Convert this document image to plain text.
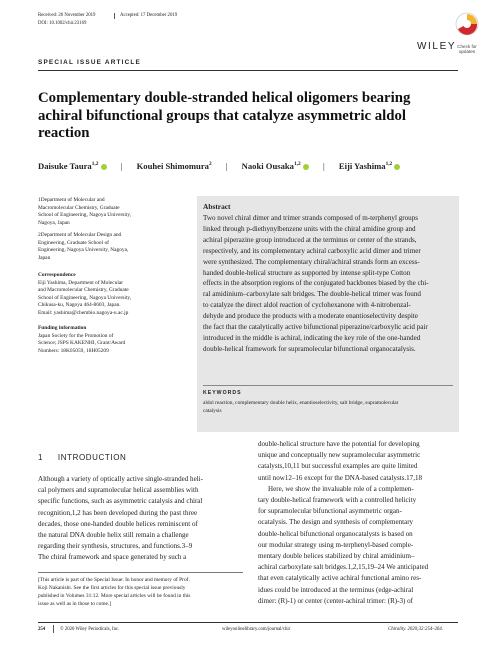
Received: 26 November 2019	Accepted: 17 December 2019
DOI: 10.1002/chir.23169
Check for updates
WILEY
SPECIAL ISSUE ARTICLE
Complementary double-stranded helical oligomers bearing
achiral bifunctional groups that catalyze asymmetric aldol
reaction
Daisuke Taura$^{1,2}$	| Kouhei Shimomura$^2$ | Naoki Ousaka$^{1,2}$	| Eiji Yashima$^{1,2}$
1Department of Molecular and
Macromolecular Chemistry, Graduate
School of Engineering, Nagoya University,
Nagoya, Japan
2Department of Molecular Design and
Engineering, Graduate School of
Engineering, Nagoya University, Nagoya,
Japan
Correspondence
Eiji Yashima, Department of Molecular
and Macromolecular Chemistry, Graduate
School of Engineering, Nagoya University,
Chikusa-ku, Nagoya 464-8603, Japan.
Email: yashima@chembio.nagoya-u.ac.jp
Funding information
Japan Society for the Promotion of
Science; JSPS KAKENHI, Grant/Award
Numbers: 18K05059, 18H05209
Abstract
Two novel chiral dimer and trimer strands composed of m-terphenyl groups
linked through p-diethynylbenzene units with the chiral amidine group and
achiral piperazine group introduced at the terminus or center of the strands,
respectively, and its complementary achiral carboxylic acid dimer and trimer
were synthesized. The complementary chiral/achiral strands form an excess-
handed double-helical structure as supported by intense split-type Cotton
effects in the absorption regions of the conjugated backbones biased by the chi-
ral amidinium–carboxylate salt bridges. The double-helical trimer was found
to catalyze the direct aldol reaction of cyclohexanone with 4-nitrobenzal-
dehyde and produce the products with a moderate enantioselectivity despite
the fact that the catalytically active bifunctional piperazine/carboxylic acid pair
introduced in the middle is achiral, indicating the key role of the one-handed
double-helical framework for supramolecular bifunctional organocatalysis.
KEYWORDS
aldol reaction, complementary double helix, enantioselectivity, salt bridge, supramolecular
catalysis
1 INTRODUCTION
Although a variety of optically active single-stranded heli-
cal polymers and supramolecular helical assemblies with
specific functions, such as asymmetric catalysis and chiral
recognition,1,2 has been developed during the past three
decades, those one-handed double helices reminiscent of
the natural DNA double helix still remain a challenge
regarding their synthesis, structures, and functions.3–9
The chiral framework and space generated by such a
[This article is part of the Special Issue: In honor and memory of Prof.
Koji Nakanishi. See the first articles for this special issue previously
published in Volumes 31:12. More special articles will be found in this
issue as well as in those to come.]
double-helical structure have the potential for developing
unique and conceptually new supramolecular asymmetric
catalysts,10,11 but successful examples are quite limited
until now12–16 except for the DNA-based catalysts.17,18
Here, we show the invaluable role of a complemen-
tary double-helical framework with a controlled helicity
for supramolecular bifunctional asymmetric organ-
ocatalysis. The design and synthesis of complementary
double-helical bifunctional organocatalysts is based on
our modular strategy using m-terphenyl-based comple-
mentary double helices stabilized by chiral amidinium–
achiral carboxylate salt bridges.1,2,15,19–24 We anticipated
that even catalytically active achiral functional amino res-
idues could be introduced at the terminus (edge-achiral
dimer: (R)-1) or center (center-achiral trimer: (R)-3) of
254	© 2020 Wiley Periodicals, Inc.	wileyonlinelibrary.com/journal/chir	Chirality. 2020;32:254–264.
